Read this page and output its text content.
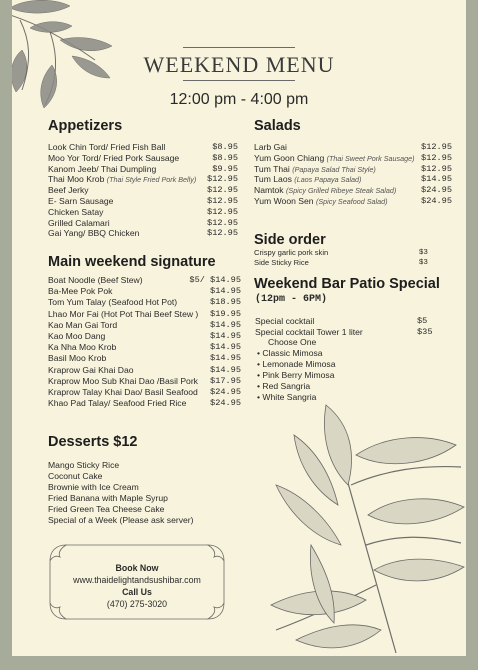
WEEKEND MENU
12:00 pm - 4:00 pm
Appetizers	Salads
Main weekend signature
Side order
Weekend Bar Patio Special
(12pm - 6PM)
Desserts $12
Look Chin Tord/ Fried Fish Ball	$8.95
Moo Yor Tord/ Fried Pork Sausage	$8.95
Kanom Jeeb/ Thai Dumpling	$9.95
Thai Moo Krob (Thai Style Fried Pork Belly) $12.95
Beef Jerky	$12.95
E- Sarn Sausage	$12.95
Chicken Satay	$12.95
Grilled Calamari	$12.95
Gai Yang/ BBQ Chicken	$12.95
Larb Gai	$12.95
Yum Goon Chiang (Thai Sweet Pork Sausage) $12.95
Tum Thai (Papaya Salad Thai Style)	$12.95
Tum Laos (Laos Papaya Salad)	$14.95
Namtok (Spicy Grilled Ribeye Steak Salad)	$24.95
Yum Woon Sen (Spicy Seafood Salad)	$24.95
Boat Noodle (Beef Stew)	$5/ $14.95
Ba-Mee Pok Pok	$14.95
Tom Yum Talay (Seafood Hot Pot)	$18.95
Lhao Mor Fai (Hot Pot Thai Beef Stew ) $19.95
Kao Man Gai Tord	$14.95
Kao Moo Dang	$14.95
Ka Nha Moo Krob	$14.95
Basil Moo Krob	$14.95
Kraprow Gai Khai Dao	$14.95
Kraprow Moo Sub Khai Dao /Basil Pork $17.95
Kraprow Talay Khai Dao/ Basil Seafood $24.95
Khao Pad Talay/ Seafood Fried Rice	$24.95
Crispy garlic pork skin	$3
Side Sticky Rice	$3
Special cocktail	$5
Special cocktail Tower 1 liter	$35
Choose One
• Classic Mimosa
• Lemonade Mimosa
• Pink Berry Mimosa
• Red Sangria
• White Sangria
Mango Sticky Rice
Coconut Cake
Brownie with Ice Cream
Fried Banana with Maple Syrup
Fried Green Tea Cheese Cake
Special of a Week (Please ask server)
Book Now
www.thaidelightandsushibar.com
Call Us
(470) 275-3020
